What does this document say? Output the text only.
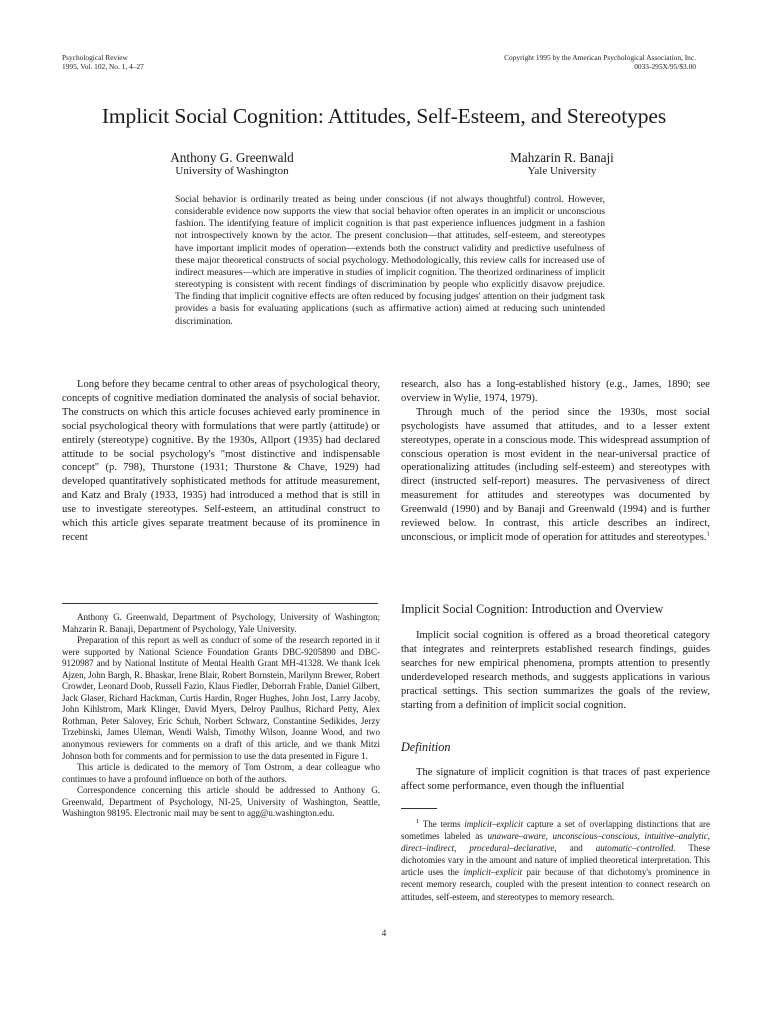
Psychological Review
1995, Vol. 102, No. 1, 4–27
Copyright 1995 by the American Psychological Association, Inc.
0033-295X/95/$3.00
Implicit Social Cognition: Attitudes, Self-Esteem, and Stereotypes
Anthony G. Greenwald
University of Washington
Mahzarin R. Banaji
Yale University

Social behavior is ordinarily treated as being under conscious (if not always thoughtful) control. However, considerable evidence now supports the view that social behavior often operates in an implicit or unconscious fashion. The identifying feature of implicit cognition is that past experience influences judgment in a fashion not introspectively known by the actor. The present conclusion—that attitudes, self-esteem, and stereotypes have important implicit modes of operation—extends both the construct validity and predictive usefulness of these major theoretical constructs of social psychology. Methodologically, this review calls for increased use of indirect measures—which are imperative in studies of implicit cognition. The theorized ordinariness of implicit stereotyping is consistent with recent findings of discrimination by people who explicitly disavow prejudice. The finding that implicit cognitive effects are often reduced by focusing judges' attention on their judgment task provides a basis for evaluating applications (such as affirmative action) aimed at reducing such unintended discrimination.

Long before they became central to other areas of psychological theory, concepts of cognitive mediation dominated the analysis of social behavior. The constructs on which this article focuses achieved early prominence in social psychological theory with formulations that were partly (attitude) or entirely (stereotype) cognitive. By the 1930s, Allport (1935) had declared attitude to be social psychology's "most distinctive and indispensable concept" (p. 798), Thurstone (1931; Thurstone & Chave, 1929) had developed quantitatively sophisticated methods for attitude measurement, and Katz and Braly (1933, 1935) had introduced a method that is still in use to investigate stereotypes. Self-esteem, an attitudinal construct to which this article gives separate treatment because of its prominence in recent

research, also has a long-established history (e.g., James, 1890; see overview in Wylie, 1974, 1979).

Through much of the period since the 1930s, most social psychologists have assumed that attitudes, and to a lesser extent stereotypes, operate in a conscious mode. This widespread assumption of conscious operation is most evident in the near-universal practice of operationalizing attitudes (including self-esteem) and stereotypes with direct (instructed self-report) measures. The pervasiveness of direct measurement for attitudes and stereotypes was documented by Greenwald (1990) and by Banaji and Greenwald (1994) and is further reviewed below. In contrast, this article describes an indirect, unconscious, or implicit mode of operation for attitudes and stereotypes.$^1$

Anthony G. Greenwald, Department of Psychology, University of Washington; Mahzarin R. Banaji, Department of Psychology, Yale University.

Preparation of this report as well as conduct of some of the research reported in it were supported by National Science Foundation Grants DBC-9205890 and DBC-9120987 and by National Institute of Mental Health Grant MH-41328. We thank Icek Ajzen, John Bargh, R. Bhaskar, Irene Blair, Robert Bornstein, Marilynn Brewer, Robert Crowder, Leonard Doob, Russell Fazio, Klaus Fiedler, Deborrah Frable, Daniel Gilbert, Jack Glaser, Richard Hackman, Curtis Hardin, Roger Hughes, John Jost, Larry Jacoby, John Kihlstrom, Mark Klinger, David Myers, Delroy Paulhus, Richard Petty, Alex Rothman, Peter Salovey, Eric Schuh, Norbert Schwarz, Constantine Sedikides, Jerzy Trzebinski, James Uleman, Wendi Walsh, Timothy Wilson, Joanne Wood, and two anonymous reviewers for comments on a draft of this article, and we thank Mitzi Johnson both for comments and for permission to use the data presented in Figure 1.

This article is dedicated to the memory of Tom Ostrom, a dear colleague who continues to have a profound influence on both of the authors.

Correspondence concerning this article should be addressed to Anthony G. Greenwald, Department of Psychology, NI-25, University of Washington, Seattle, Washington 98195. Electronic mail may be sent to agg@u.washington.edu.

Implicit Social Cognition: Introduction and Overview

Implicit social cognition is offered as a broad theoretical category that integrates and reinterprets established research findings, guides searches for new empirical phenomena, prompts attention to presently underdeveloped research methods, and suggests applications in various practical settings. This section summarizes the goals of the review, starting from a definition of implicit social cognition.

Definition

The signature of implicit cognition is that traces of past experience affect some performance, even though the influential

$^1$ The terms implicit–explicit capture a set of overlapping distinctions that are sometimes labeled as unaware–aware, unconscious–conscious, intuitive–analytic, direct–indirect, procedural–declarative, and automatic–controlled. These dichotomies vary in the amount and nature of implied theoretical interpretation. This article uses the implicit–explicit pair because of that dichotomy's prominence in recent memory research, coupled with the present intention to connect research on attitudes, self-esteem, and stereotypes to memory research.

4
